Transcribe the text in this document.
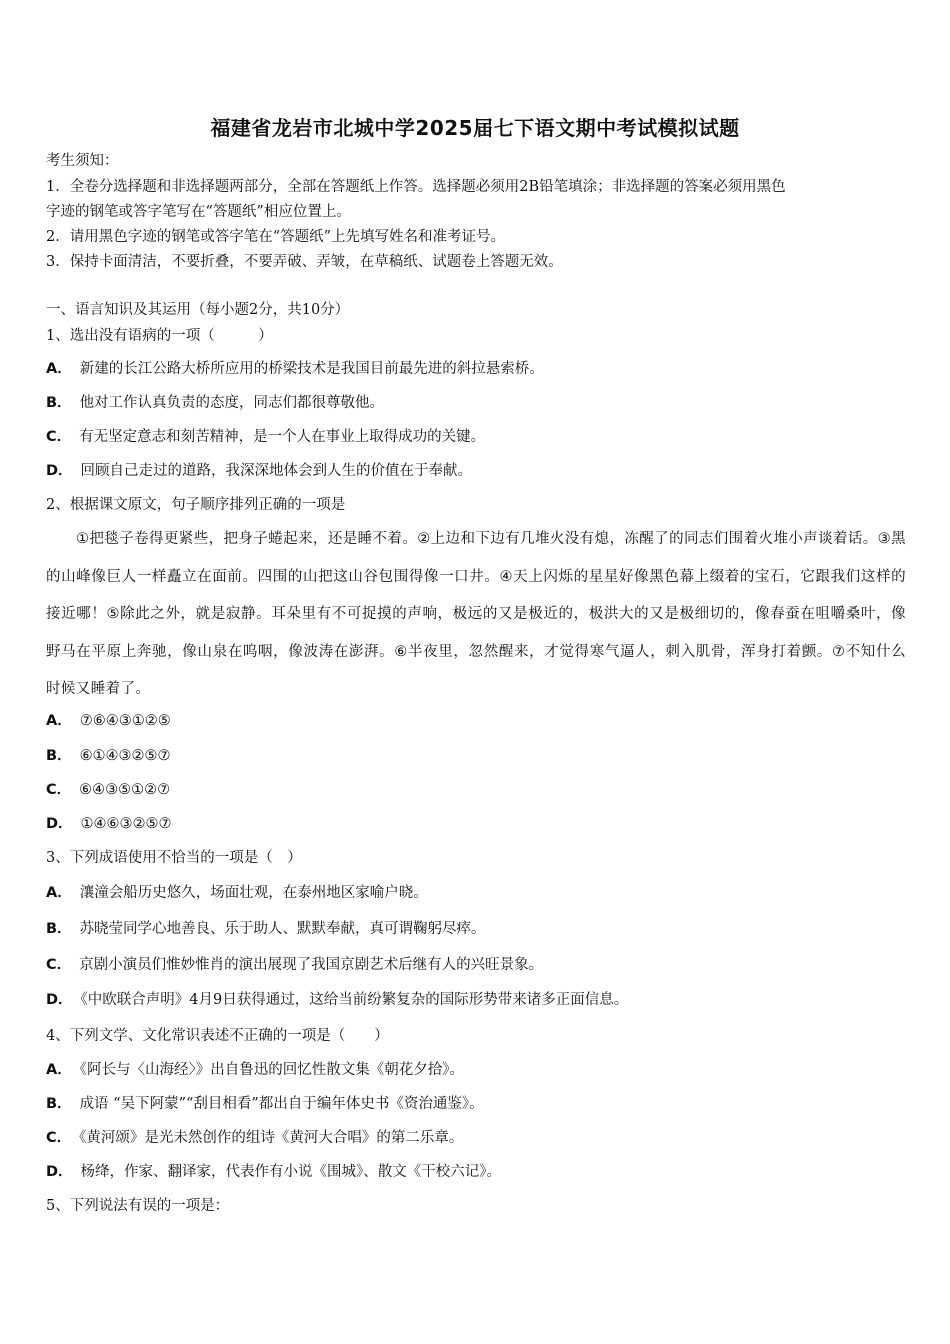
福建省龙岩市北城中学2025届七下语文期中考试模拟试题
考生须知：
1．全卷分选择题和非选择题两部分，全部在答题纸上作答。选择题必须用2B铅笔填涂；非选择题的答案必须用黑色
字迹的钢笔或答字笔写在“答题纸”相应位置上。
2．请用黑色字迹的钢笔或答字笔在“答题纸”上先填写姓名和准考证号。
3．保持卡面清洁，不要折叠，不要弄破、弄皱，在草稿纸、试题卷上答题无效。
一、语言知识及其运用（每小题2分，共10分）
1、选出没有语病的一项（　　　）
A． 新建的长江公路大桥所应用的桥梁技术是我国目前最先进的斜拉悬索桥。
B． 他对工作认真负责的态度，同志们都很尊敬他。
C． 有无坚定意志和刻苦精神，是一个人在事业上取得成功的关键。
D． 回顾自己走过的道路，我深深地体会到人生的价值在于奉献。
2、根据课文原文，句子顺序排列正确的一项是
①把毯子卷得更紧些，把身子蜷起来，还是睡不着。②上边和下边有几堆火没有熄，冻醒了的同志们围着火堆小声谈着话。③黑的山峰像巨人一样矗立在面前。四围的山把这山谷包围得像一口井。④天上闪烁的星星好像黑色幕上缀着的宝石，它跟我们这样的接近哪！⑤除此之外，就是寂静。耳朵里有不可捉摸的声响，极远的又是极近的，极洪大的又是极细切的，像春蚕在咀嚼桑叶，像野马在平原上奔驰，像山泉在呜咽，像波涛在澎湃。⑥半夜里，忽然醒来，才觉得寒气逼人，刺入肌骨，浑身打着颤。⑦不知什么时候又睡着了。
A． ⑦⑥④③①②⑤
B． ⑥①④③②⑤⑦
C． ⑥④③⑤①②⑦
D． ①④⑥③②⑤⑦
3、下列成语使用不恰当的一项是（　）
A． 瀼潼会船历史悠久，场面壮观，在泰州地区家喻户晓。
B． 苏晓莹同学心地善良、乐于助人、默默奉献，真可谓鞠躬尽瘁。
C． 京剧小演员们惟妙惟肖的演出展现了我国京剧艺术后继有人的兴旺景象。
D． 《中欧联合声明》4月9日获得通过，这给当前纷繁复杂的国际形势带来诸多正面信息。
4、下列文学、文化常识表述不正确的一项是（　　）
A． 《阿长与〈山海经〉》出自鲁迅的回忆性散文集《朝花夕拾》。
B． 成语 “吴下阿蒙”“刮目相看”都出自于编年体史书《资治通鉴》。
C． 《黄河颂》是光未然创作的组诗《黄河大合唱》的第二乐章。
D． 杨绛，作家、翻译家，代表作有小说《围城》、散文《干校六记》。
5、下列说法有误的一项是：
